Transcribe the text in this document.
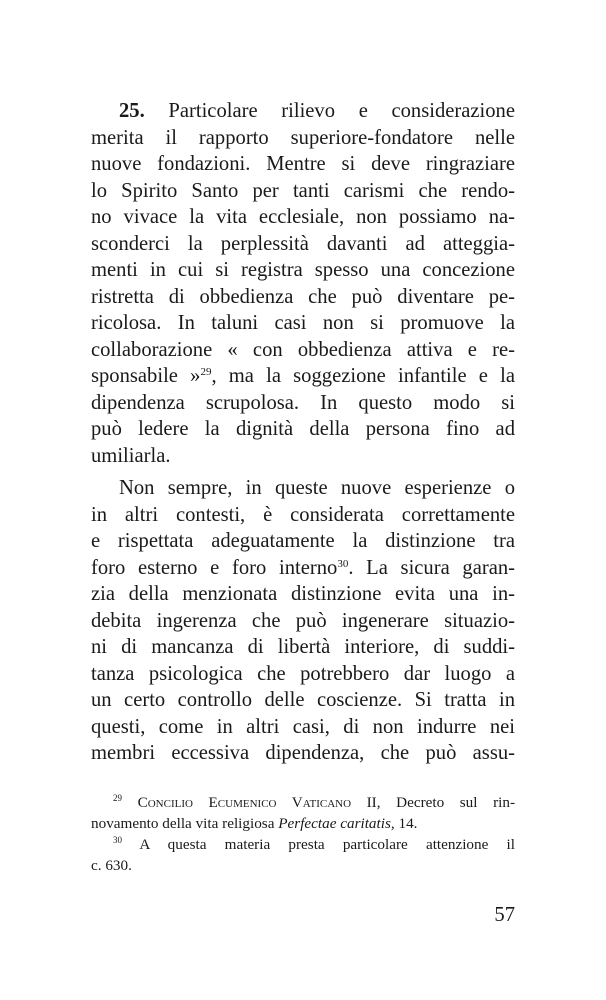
25. Particolare rilievo e considerazione
merita il rapporto superiore-fondatore nelle
nuove fondazioni. Mentre si deve ringraziare
lo Spirito Santo per tanti carismi che rendo-
no vivace la vita ecclesiale, non possiamo na-
sconderci la perplessità davanti ad atteggia-
menti in cui si registra spesso una concezione
ristretta di obbedienza che può diventare pe-
ricolosa. In taluni casi non si promuove la
collaborazione « con obbedienza attiva e re-
sponsabile »$^{29}$, ma la soggezione infantile e la
dipendenza scrupolosa. In questo modo si
può ledere la dignità della persona fino ad
umiliarla.
Non sempre, in queste nuove esperienze o
in altri contesti, è considerata correttamente
e rispettata adeguatamente la distinzione tra
foro esterno e foro interno$^{30}$. La sicura garan-
zia della menzionata distinzione evita una in-
debita ingerenza che può ingenerare situazio-
ni di mancanza di libertà interiore, di suddi-
tanza psicologica che potrebbero dar luogo a
un certo controllo delle coscienze. Si tratta in
questi, come in altri casi, di non indurre nei
membri eccessiva dipendenza, che può assu-
$^{29}$ Concilio Ecumenico Vaticano II, Decreto sul rin-
novamento della vita religiosa Perfectae caritatis, 14.
$^{30}$ A questa materia presta particolare attenzione il
c. 630.
57
